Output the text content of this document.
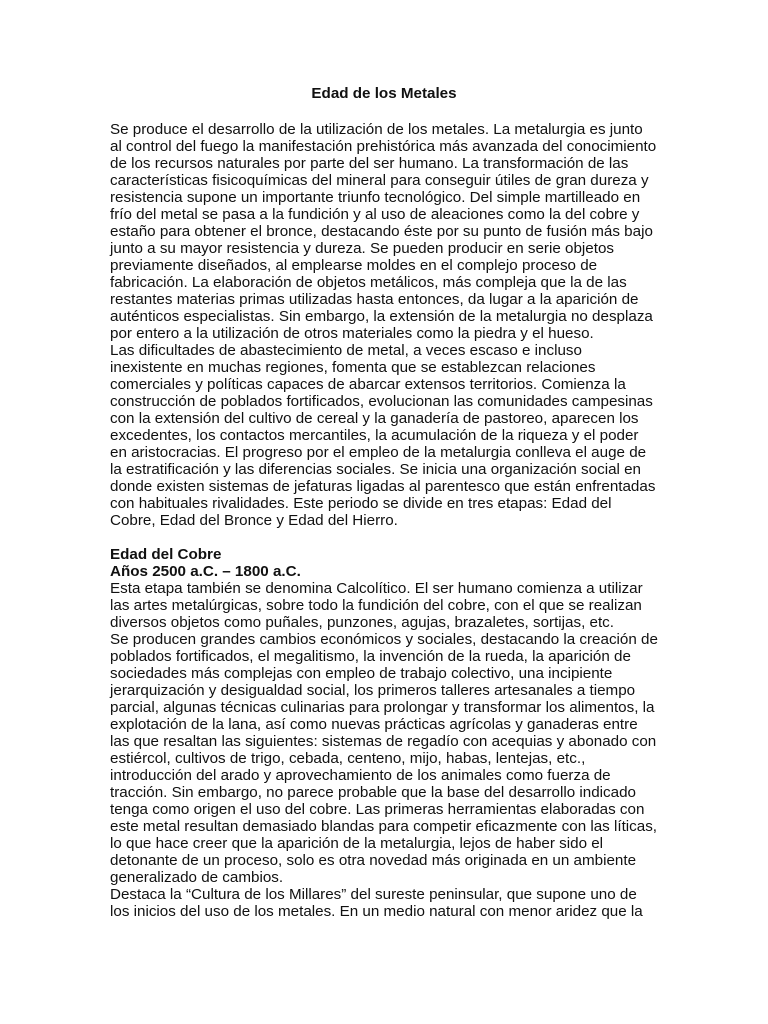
Edad de los Metales

Se produce el desarrollo de la utilización de los metales. La metalurgia es junto al control del fuego la manifestación prehistórica más avanzada del conocimiento de los recursos naturales por parte del ser humano. La transformación de las características fisicoquímicas del mineral para conseguir útiles de gran dureza y resistencia supone un importante triunfo tecnológico. Del simple martilleado en frío del metal se pasa a la fundición y al uso de aleaciones como la del cobre y estaño para obtener el bronce, destacando éste por su punto de fusión más bajo junto a su mayor resistencia y dureza. Se pueden producir en serie objetos previamente diseñados, al emplearse moldes en el complejo proceso de fabricación. La elaboración de objetos metálicos, más compleja que la de las restantes materias primas utilizadas hasta entonces, da lugar a la aparición de auténticos especialistas. Sin embargo, la extensión de la metalurgia no desplaza por entero a la utilización de otros materiales como la piedra y el hueso.

Las dificultades de abastecimiento de metal, a veces escaso e incluso inexistente en muchas regiones, fomenta que se establezcan relaciones comerciales y políticas capaces de abarcar extensos territorios. Comienza la construcción de poblados fortificados, evolucionan las comunidades campesinas con la extensión del cultivo de cereal y la ganadería de pastoreo, aparecen los excedentes, los contactos mercantiles, la acumulación de la riqueza y el poder en aristocracias. El progreso por el empleo de la metalurgia conlleva el auge de la estratificación y las diferencias sociales. Se inicia una organización social en donde existen sistemas de jefaturas ligadas al parentesco que están enfrentadas con habituales rivalidades. Este periodo se divide en tres etapas: Edad del Cobre, Edad del Bronce y Edad del Hierro.

Edad del Cobre
Años 2500 a.C. – 1800 a.C.

Esta etapa también se denomina Calcolítico. El ser humano comienza a utilizar las artes metalúrgicas, sobre todo la fundición del cobre, con el que se realizan diversos objetos como puñales, punzones, agujas, brazaletes, sortijas, etc.

Se producen grandes cambios económicos y sociales, destacando la creación de poblados fortificados, el megalitismo, la invención de la rueda, la aparición de sociedades más complejas con empleo de trabajo colectivo, una incipiente jerarquización y desigualdad social, los primeros talleres artesanales a tiempo parcial, algunas técnicas culinarias para prolongar y transformar los alimentos, la explotación de la lana, así como nuevas prácticas agrícolas y ganaderas entre las que resaltan las siguientes: sistemas de regadío con acequias y abonado con estiércol, cultivos de trigo, cebada, centeno, mijo, habas, lentejas, etc., introducción del arado y aprovechamiento de los animales como fuerza de tracción. Sin embargo, no parece probable que la base del desarrollo indicado tenga como origen el uso del cobre. Las primeras herramientas elaboradas con este metal resultan demasiado blandas para competir eficazmente con las líticas, lo que hace creer que la aparición de la metalurgia, lejos de haber sido el detonante de un proceso, solo es otra novedad más originada en un ambiente generalizado de cambios.

Destaca la “Cultura de los Millares” del sureste peninsular, que supone uno de los inicios del uso de los metales. En un medio natural con menor aridez que la
